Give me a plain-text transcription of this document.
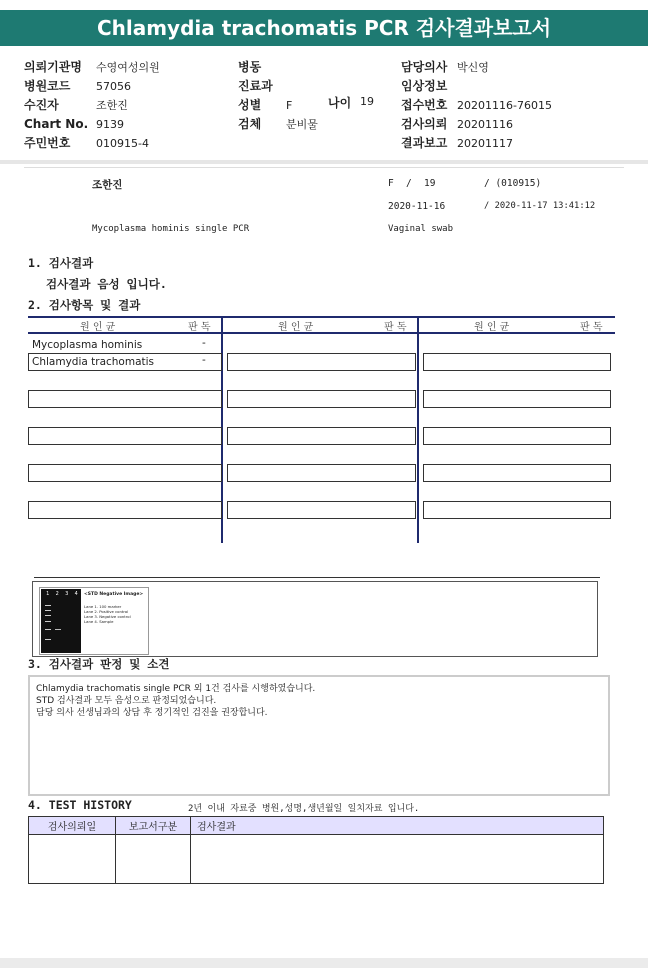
Chlamydia trachomatis PCR 검사결과보고서
의뢰기관명 수영여성의원
병원코드 57056
수진자	조한진
Chart No. 9139
주민번호 010915-4
병동
진료과
성별 F	나이 19
검체 분비물
담당의사 박신영
임상정보
접수번호 20201116-76015
검사의뢰 20201116
결과보고 20201117
조한진	F / 19	/ (010915)
2020-11-16	/ 2020-11-17 13:41:12
Mycoplasma hominis single PCR	Vaginal swab
1. 검사결과
검사결과 음성 입니다.
2. 검사항목 및 결과
원 인 균	판 독	원 인 균	판 독	원 인 균	판 독
Mycoplasma hominis	-
Chlamydia trachomatis	-
1 2 3 4 <STD Negative Image>
Lane 1. 100 marker
Lane 2. Positive control
Lane 3. Negative control
Lane 4. Sample
3. 검사결과 판정 및 소견
Chlamydia trachomatis single PCR 외 1건 검사를 시행하였습니다.
STD 검사결과 모두 음성으로 판정되었습니다.
담당 의사 선생님과의 상담 후 정기적인 검진을 권장합니다.
4. TEST HISTORY	2년 이내 자료중 병원,성명,생년월일 일치자료 입니다.
검사의뢰일	보고서구분	검사결과
